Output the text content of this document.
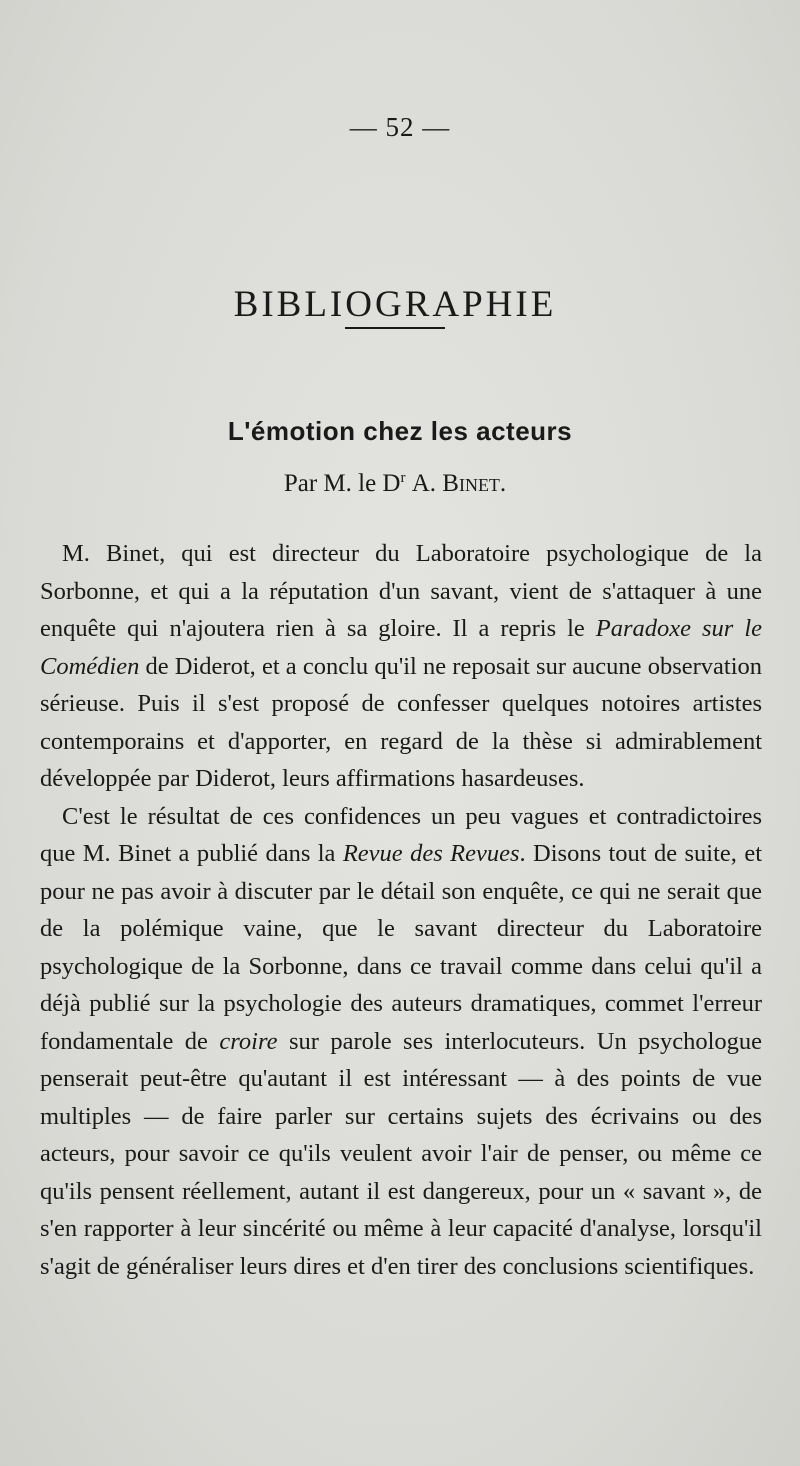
— 52 —
BIBLIOGRAPHIE
L'émotion chez les acteurs
Par M. le $D^r$ A. Binet.

M. Binet, qui est directeur du Laboratoire psychologique de la Sorbonne, et qui a la réputation d'un savant, vient de s'attaquer à une enquête qui n'ajoutera rien à sa gloire. Il a repris le Paradoxe sur le Comédien de Diderot, et a conclu qu'il ne reposait sur aucune observation sérieuse. Puis il s'est proposé de confesser quelques notoires artistes contemporains et d'apporter, en regard de la thèse si admirablement développée par Diderot, leurs affirmations hasardeuses.

C'est le résultat de ces confidences un peu vagues et contradictoires que M. Binet a publié dans la Revue des Revues. Disons tout de suite, et pour ne pas avoir à discuter par le détail son enquête, ce qui ne serait que de la polémique vaine, que le savant directeur du Laboratoire psychologique de la Sorbonne, dans ce travail comme dans celui qu'il a déjà publié sur la psychologie des auteurs dramatiques, commet l'erreur fondamentale de croire sur parole ses interlocuteurs. Un psychologue penserait peut-être qu'autant il est intéressant — à des points de vue multiples — de faire parler sur certains sujets des écrivains ou des acteurs, pour savoir ce qu'ils veulent avoir l'air de penser, ou même ce qu'ils pensent réellement, autant il est dangereux, pour un « savant », de s'en rapporter à leur sincérité ou même à leur capacité d'analyse, lorsqu'il s'agit de généraliser leurs dires et d'en tirer des conclusions scientifiques.
